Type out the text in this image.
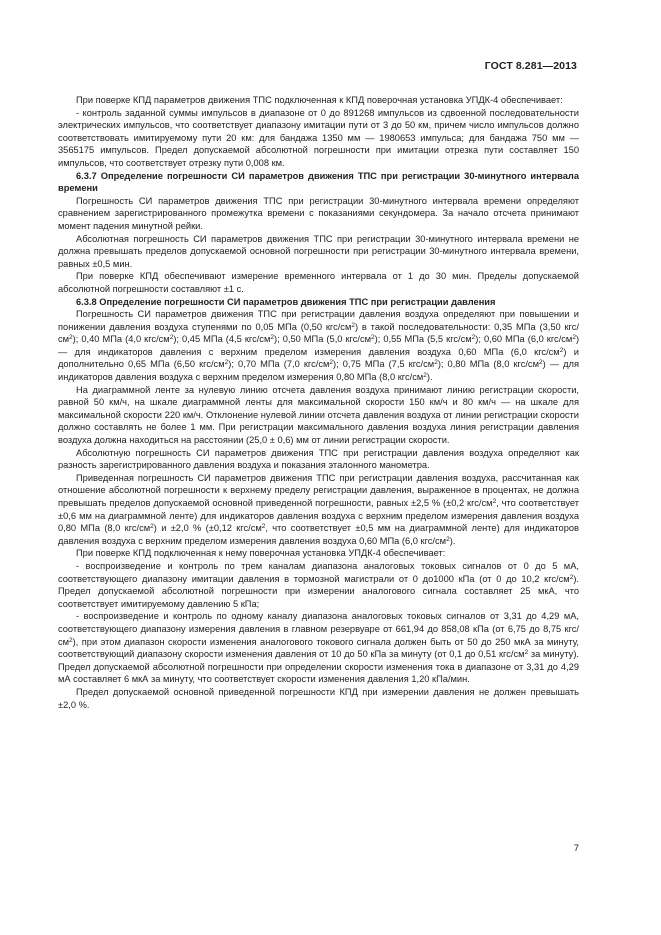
ГОСТ 8.281—2013

При поверке КПД параметров движения ТПС подключенная к КПД поверочная установка УПДК-4 обеспечивает:

- контроль заданной суммы импульсов в диапазоне от 0 до 891268 импульсов из сдвоенной последовательности электрических импульсов, что соответствует диапазону имитации пути от 3 до 50 км, причем число импульсов должно соответствовать имитируемому пути 20 км: для бандажа 1350 мм — 1980653 импульса; для бандажа 750 мм — 3565175 импульсов. Предел допускаемой абсолютной погрешности при имитации отрезка пути составляет 150 импульсов, что соответствует отрезку пути 0,008 км.

6.3.7 Определение погрешности СИ параметров движения ТПС при регистрации 30-минутного интервала времени

Погрешность СИ параметров движения ТПС при регистрации 30-минутного интервала времени определяют сравнением зарегистрированного промежутка времени с показаниями секундомера. За начало отсчета принимают момент падения минутной рейки.

Абсолютная погрешность СИ параметров движения ТПС при регистрации 30-минутного интервала времени не должна превышать пределов допускаемой основной погрешности при регистрации 30-минутного интервала времени, равных ±0,5 мин.

При поверке КПД обеспечивают измерение временного интервала от 1 до 30 мин. Пределы допускаемой абсолютной погрешности составляют ±1 с.

6.3.8 Определение погрешности СИ параметров движения ТПС при регистрации давления

Погрешность СИ параметров движения ТПС при регистрации давления воздуха определяют при повышении и понижении давления воздуха ступенями по 0,05 МПа (0,50 кгс/$см^2$) в такой последовательности: 0,35 МПа (3,50 кгс/$см^2$); 0,40 МПа (4,0 кгс/$см^2$); 0,45 МПа (4,5 кгс/$см^2$); 0,50 МПа (5,0 кгс/$см^2$); 0,55 МПа (5,5 кгс/$см^2$); 0,60 МПа (6,0 кгс/$см^2$) — для индикаторов давления с верхним пределом измерения давления воздуха 0,60 МПа (6,0 кгс/$см^2$) и дополнительно 0,65 МПа (6,50 кгс/$см^2$); 0,70 МПа (7,0 кгс/$см^2$); 0,75 МПа (7,5 кгс/$см^2$); 0,80 МПа (8,0 кгс/$см^2$) — для индикаторов давления воздуха с верхним пределом измерения 0,80 МПа (8,0 кгс/$см^2$).

На диаграммной ленте за нулевую линию отсчета давления воздуха принимают линию регистрации скорости, равной 50 км/ч, на шкале диаграммной ленты для максимальной скорости 150 км/ч и 80 км/ч — на шкале для максимальной скорости 220 км/ч. Отклонение нулевой линии отсчета давления воздуха от линии регистрации скорости должно составлять не более 1 мм. При регистрации максимального давления воздуха линия регистрации давления воздуха должна находиться на расстоянии (25,0 ± 0,6) мм от линии регистрации скорости.

Абсолютную погрешность СИ параметров движения ТПС при регистрации давления воздуха определяют как разность зарегистрированного давления воздуха и показания эталонного манометра.

Приведенная погрешность СИ параметров движения ТПС при регистрации давления воздуха, рассчитанная как отношение абсолютной погрешности к верхнему пределу регистрации давления, выраженное в процентах, не должна превышать пределов допускаемой основной приведенной погрешности, равных ±2,5 % (±0,2 кгс/$см^2$, что соответствует ±0,6 мм на диаграммной ленте) для индикаторов давления воздуха с верхним пределом измерения давления воздуха 0,80 МПа (8,0 кгс/$см^2$) и ±2,0 % (±0,12 кгс/$см^2$, что соответствует ±0,5 мм на диаграммной ленте) для индикаторов давления воздуха с верхним пределом измерения давления воздуха 0,60 МПа (6,0 кгс/$см^2$).

При поверке КПД подключенная к нему поверочная установка УПДК-4 обеспечивает:

- воспроизведение и контроль по трем каналам диапазона аналоговых токовых сигналов от 0 до 5 мА, соответствующего диапазону имитации давления в тормозной магистрали от 0 до1000 кПа (от 0 до 10,2 кгс/$см^2$). Предел допускаемой абсолютной погрешности при измерении аналогового сигнала составляет 25 мкА, что соответствует имитируемому давлению 5 кПа;

- воспроизведение и контроль по одному каналу диапазона аналоговых токовых сигналов от 3,31 до 4,29 мА, соответствующего диапазону измерения давления в главном резервуаре от 661,94 до 858,08 кПа (от 6,75 до 8,75 кгс/$см^2$), при этом диапазон скорости изменения аналогового токового сигнала должен быть от 50 до 250 мкА за минуту, соответствующий диапазону скорости изменения давления от 10 до 50 кПа за минуту (от 0,1 до 0,51 кгс/$см^2$ за минуту). Предел допускаемой абсолютной погрешности при определении скорости изменения тока в диапазоне от 3,31 до 4,29 мА составляет 6 мкА за минуту, что соответствует скорости изменения давления 1,20 кПа/мин.

Предел допускаемой основной приведенной погрешности КПД при измерении давления не должен превышать ±2,0 %.

7
